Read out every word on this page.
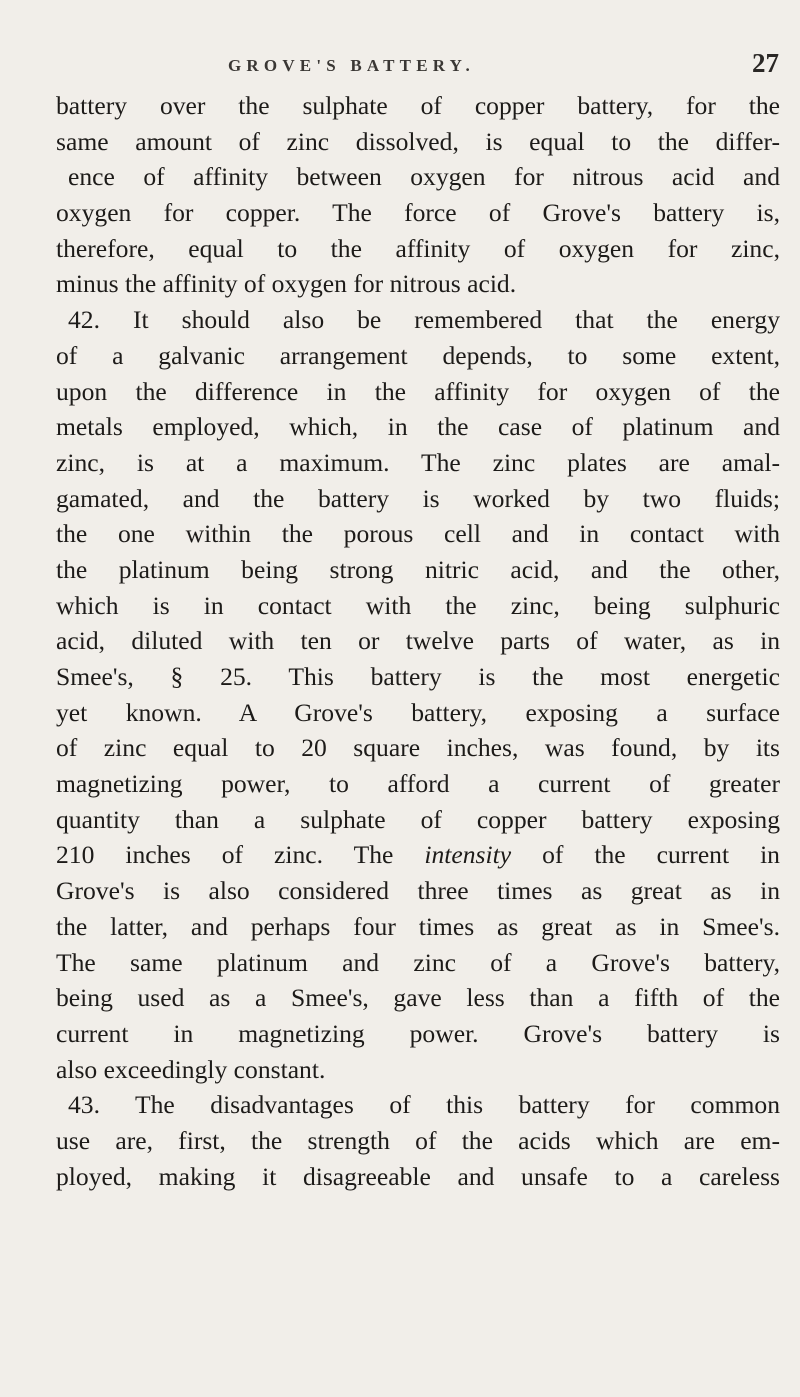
GROVE'S BATTERY.	27
battery over the sulphate of copper battery, for the
same amount of zinc dissolved, is equal to the differ-
ence of affinity between oxygen for nitrous acid and
oxygen for copper. The force of Grove's battery is,
therefore, equal to the affinity of oxygen for zinc,
minus the affinity of oxygen for nitrous acid.
42. It should also be remembered that the energy
of a galvanic arrangement depends, to some extent,
upon the difference in the affinity for oxygen of the
metals employed, which, in the case of platinum and
zinc, is at a maximum. The zinc plates are amal-
gamated, and the battery is worked by two fluids;
the one within the porous cell and in contact with
the platinum being strong nitric acid, and the other,
which is in contact with the zinc, being sulphuric
acid, diluted with ten or twelve parts of water, as in
Smee's, § 25. This battery is the most energetic
yet known. A Grove's battery, exposing a surface
of zinc equal to 20 square inches, was found, by its
magnetizing power, to afford a current of greater
quantity than a sulphate of copper battery exposing
210 inches of zinc. The intensity of the current in
Grove's is also considered three times as great as in
the latter, and perhaps four times as great as in Smee's.
The same platinum and zinc of a Grove's battery,
being used as a Smee's, gave less than a fifth of the
current in magnetizing power. Grove's battery is
also exceedingly constant.
43. The disadvantages of this battery for common
use are, first, the strength of the acids which are em-
ployed, making it disagreeable and unsafe to a careless
